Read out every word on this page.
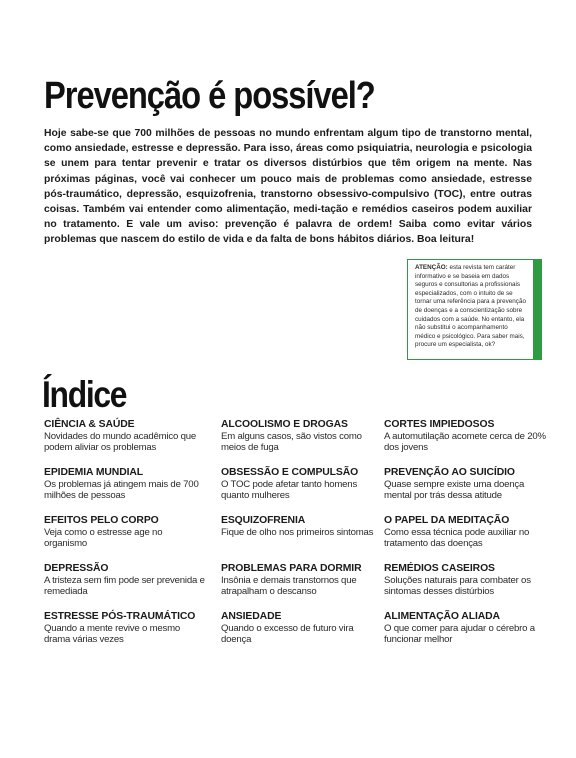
Prevenção é possível?

Hoje sabe-se que 700 milhões de pessoas no mundo enfrentam algum tipo de transtorno mental, como ansiedade, estresse e depressão. Para isso, áreas como psiquiatria, neurologia e psicologia se unem para tentar prevenir e tratar os diversos distúrbios que têm origem na mente. Nas próximas páginas, você vai conhecer um pouco mais de problemas como ansiedade, estresse pós-traumático, depressão, esquizofrenia, transtorno obsessivo-compulsivo (TOC), entre outras coisas. Também vai entender como alimentação, medi-tação e remédios caseiros podem auxiliar no tratamento. E vale um aviso: prevenção é palavra de ordem! Saiba como evitar vários problemas que nascem do estilo de vida e da falta de bons hábitos diários. Boa leitura!

ATENÇÃO: esta revista tem caráter informativo e se baseia em dados seguros e consultorias a profissionais especializados, com o intuito de se tornar uma referência para a prevenção de doenças e a conscientização sobre cuidados com a saúde. No entanto, ela não substitui o acompanhamento médico e psicológico. Para saber mais, procure um especialista, ok?
Índice
CIÊNCIA & SAÚDE
Novidades do mundo acadêmico que podem aliviar os problemas
EPIDEMIA MUNDIAL
Os problemas já atingem mais de 700 milhões de pessoas
EFEITOS PELO CORPO
Veja como o estresse age no organismo
DEPRESSÃO
A tristeza sem fim pode ser prevenida e remediada
ESTRESSE PÓS-TRAUMÁTICO
Quando a mente revive o mesmo drama várias vezes
ALCOOLISMO E DROGAS
Em alguns casos, são vistos como meios de fuga
OBSESSÃO E COMPULSÃO
O TOC pode afetar tanto homens quanto mulheres
ESQUIZOFRENIA
Fique de olho nos primeiros sintomas
PROBLEMAS PARA DORMIR
Insônia e demais transtornos que atrapalham o descanso
ANSIEDADE
Quando o excesso de futuro vira doença
CORTES IMPIEDOSOS
A automutilação acomete cerca de 20% dos jovens
PREVENÇÃO AO SUICÍDIO
Quase sempre existe uma doença mental por trás dessa atitude
O PAPEL DA MEDITAÇÃO
Como essa técnica pode auxiliar no tratamento das doenças
REMÉDIOS CASEIROS
Soluções naturais para combater os sintomas desses distúrbios
ALIMENTAÇÃO ALIADA
O que comer para ajudar o cérebro a funcionar melhor
